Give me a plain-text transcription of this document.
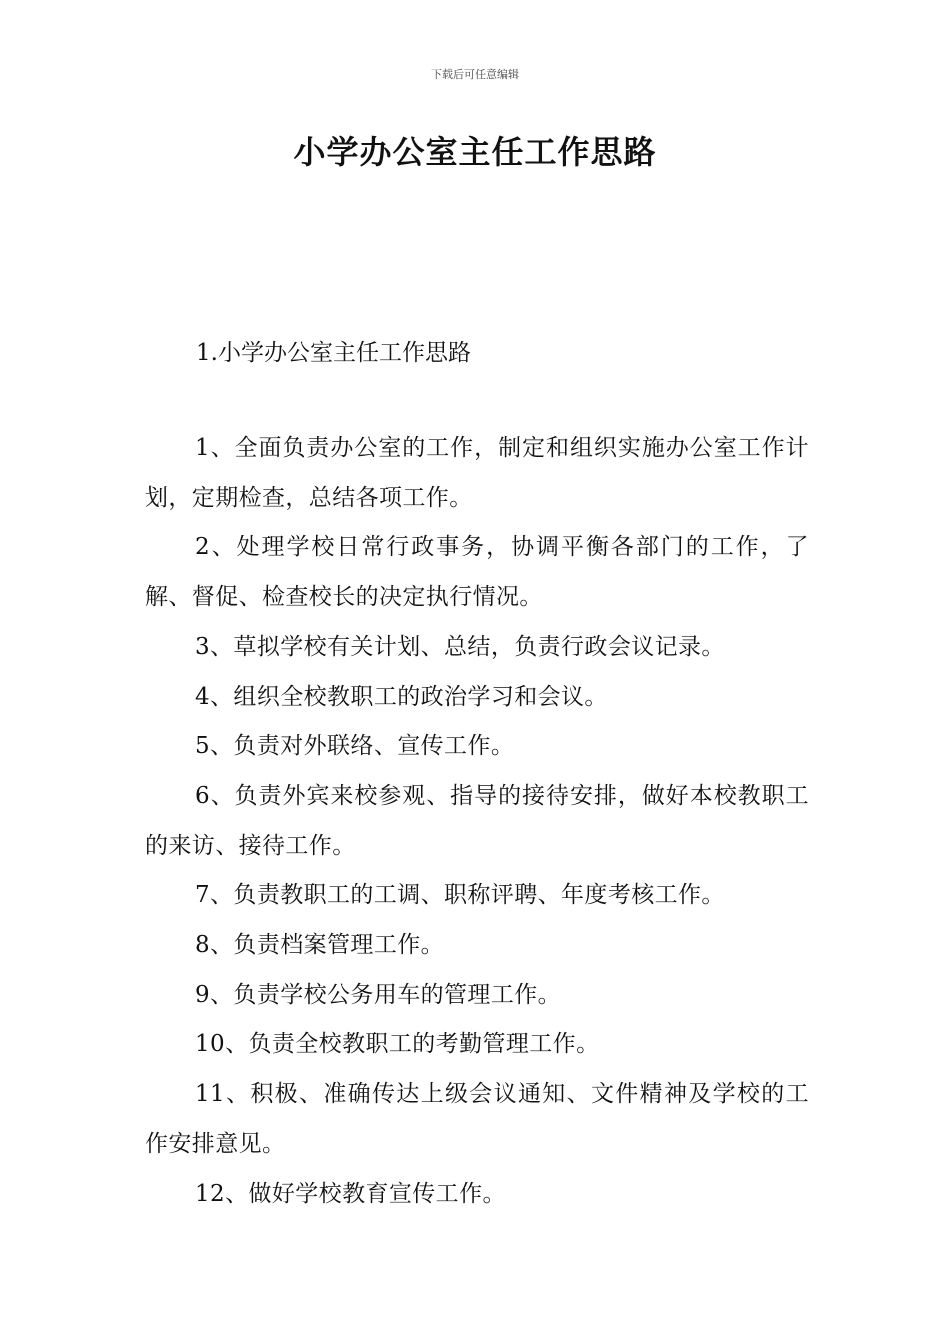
下载后可任意编辑
小学办公室主任工作思路
1.小学办公室主任工作思路

1、全面负责办公室的工作，制定和组织实施办公室工作计划，定期检查，总结各项工作。

2、处理学校日常行政事务，协调平衡各部门的工作，了解、督促、检查校长的决定执行情况。

3、草拟学校有关计划、总结，负责行政会议记录。

4、组织全校教职工的政治学习和会议。

5、负责对外联络、宣传工作。

6、负责外宾来校参观、指导的接待安排，做好本校教职工的来访、接待工作。

7、负责教职工的工调、职称评聘、年度考核工作。

8、负责档案管理工作。

9、负责学校公务用车的管理工作。

10、负责全校教职工的考勤管理工作。

11、积极、准确传达上级会议通知、文件精神及学校的工作安排意见。

12、做好学校教育宣传工作。
